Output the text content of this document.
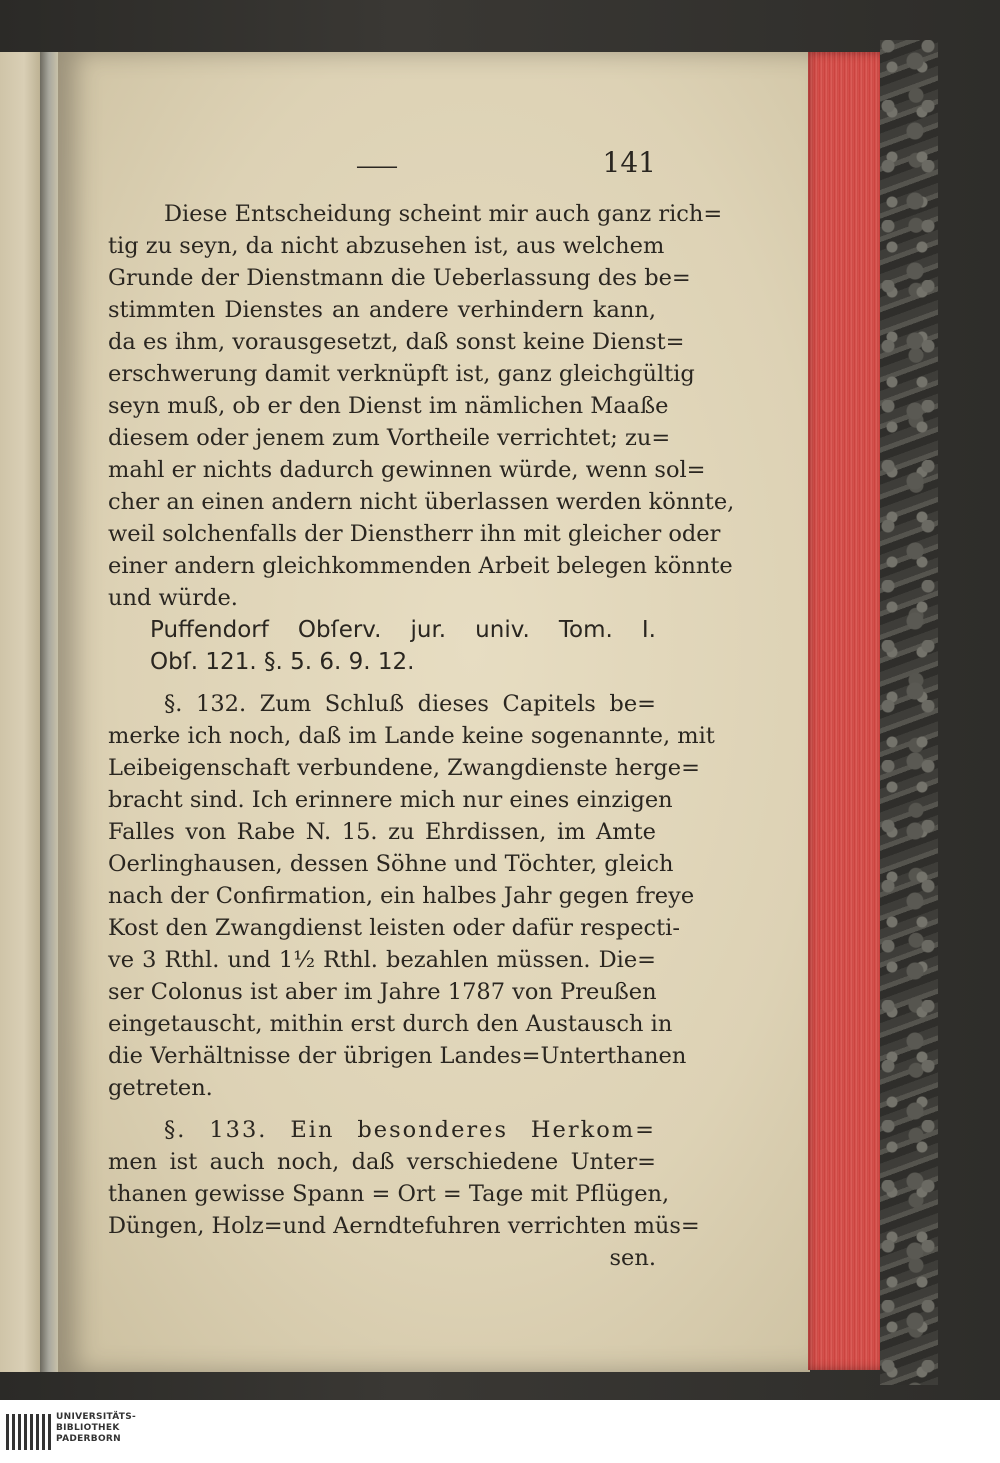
——	141
Diese Entscheidung scheint mir auch ganz rich=
tig zu seyn, da nicht abzusehen ist, aus welchem
Grunde der Dienstmann die Ueberlassung des be=
stimmten Dienstes an andere verhindern kann,
da es ihm, vorausgesetzt, daß sonst keine Dienst=
erschwerung damit verknüpft ist, ganz gleichgültig
seyn muß, ob er den Dienst im nämlichen Maaße
diesem oder jenem zum Vortheile verrichtet; zu=
mahl er nichts dadurch gewinnen würde, wenn sol=
cher an einen andern nicht überlassen werden könnte,
weil solchenfalls der Dienstherr ihn mit gleicher oder
einer andern gleichkommenden Arbeit belegen könnte
und würde.
Puffendorf Obſerv. jur. univ. Tom. I.
Obſ. 121. §. 5. 6. 9. 12.
§. 132. Zum Schluß dieses Capitels be=
merke ich noch, daß im Lande keine sogenannte, mit
Leibeigenschaft verbundene, Zwangdienste herge=
bracht sind. Ich erinnere mich nur eines einzigen
Falles von Rabe N. 15. zu Ehrdissen, im Amte
Oerlinghausen, dessen Söhne und Töchter, gleich
nach der Confirmation, ein halbes Jahr gegen freye
Kost den Zwangdienst leisten oder dafür respecti-
ve 3 Rthl. und 1½ Rthl. bezahlen müssen. Die=
ser Colonus ist aber im Jahre 1787 von Preußen
eingetauscht, mithin erst durch den Austausch in
die Verhältnisse der übrigen Landes=Unterthanen
getreten.
§. 133. Ein besonderes Herkom=
men ist auch noch, daß verschiedene Unter=
thanen gewisse Spann = Ort = Tage mit Pflügen,
Düngen, Holz=und Aerndtefuhren verrichten müs=
sen.
UNIVERSITÄTS-
BIBLIOTHEK
PADERBORN
